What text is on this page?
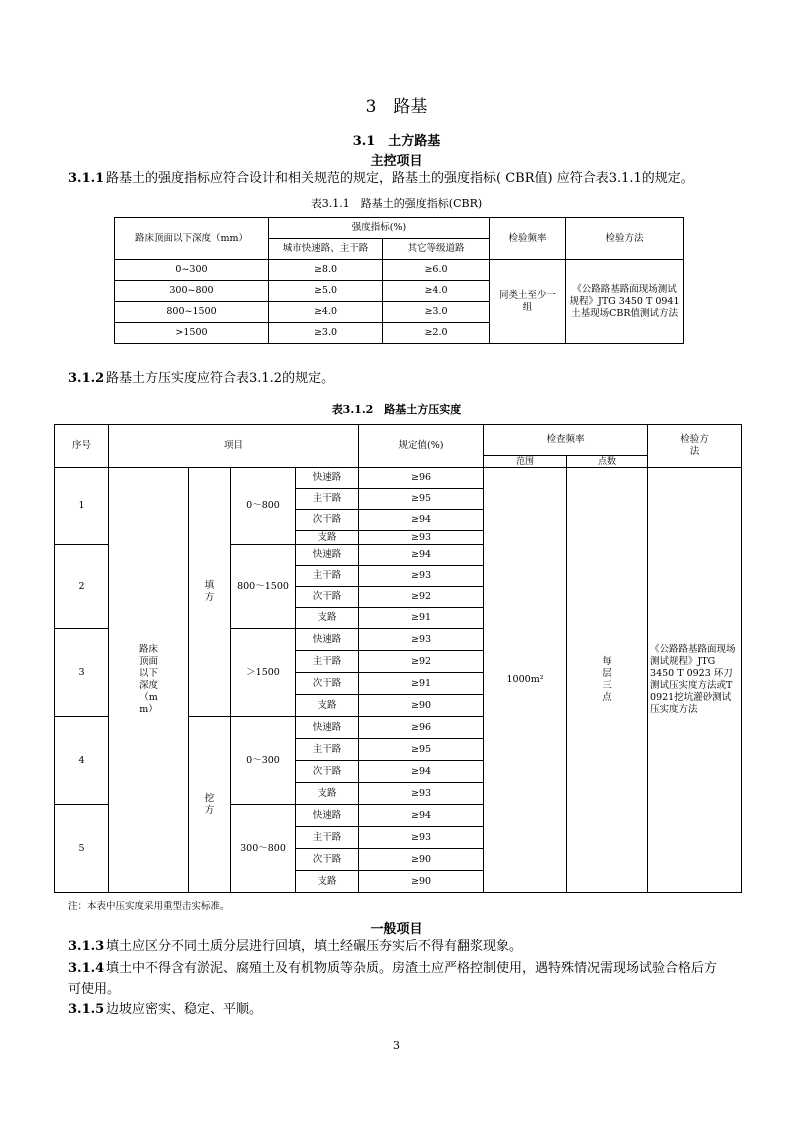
3　路基
3.1　土方路基
主控项目
3.1.1 路基土的强度指标应符合设计和相关规范的规定，路基土的强度指标( CBR值) 应符合表3.1.1的规定。
表3.1.1　路基土的强度指标(CBR)
路床顶面以下深度（mm）	强度指标(%)		检验频率	检验方法
	城市快速路、主干路	其它等级道路		
0~300	≥8.0	≥6.0	同类土至少一组	《公路路基路面现场测试规程》JTG 3450 T 0941 土基现场CBR值测试方法
300~800	≥5.0	≥4.0		
800~1500	≥4.0	≥3.0		
>1500	≥3.0	≥2.0		
3.1.2 路基土方压实度应符合表3.1.2的规定。
表3.1.2　路基土方压实度
序号	项目				规定值(%)	检查频率		检验方法
						范围	点数	
1	路床顶面以下深度（mm）	填方	0～800	快速路	≥96	1000m²	每层三点	《公路路基路面现场测试规程》JTG 3450 T 0923 环刀测试压实度方法或T 0921挖坑灌砂测试压实度方法
				主干路	≥95			
				次干路	≥94			
				支路	≥93			
2			800～1500	快速路	≥94			
				主干路	≥93			
				次干路	≥92			
				支路	≥91			
3			＞1500	快速路	≥93			
				主干路	≥92			
				次干路	≥91			
				支路	≥90			
4		挖方	0～300	快速路	≥96			
				主干路	≥95			
				次干路	≥94			
				支路	≥93			
5			300～800	快速路	≥94			
				主干路	≥93			
				次干路	≥90			
				支路	≥90			
注：本表中压实度采用重型击实标准。
一般项目
3.1.3 填土应区分不同土质分层进行回填，填土经碾压夯实后不得有翻浆现象。
3.1.4 填土中不得含有淤泥、腐殖土及有机物质等杂质。房渣土应严格控制使用，遇特殊情况需现场试验合格后方可使用。
3.1.5 边坡应密实、稳定、平顺。
3
